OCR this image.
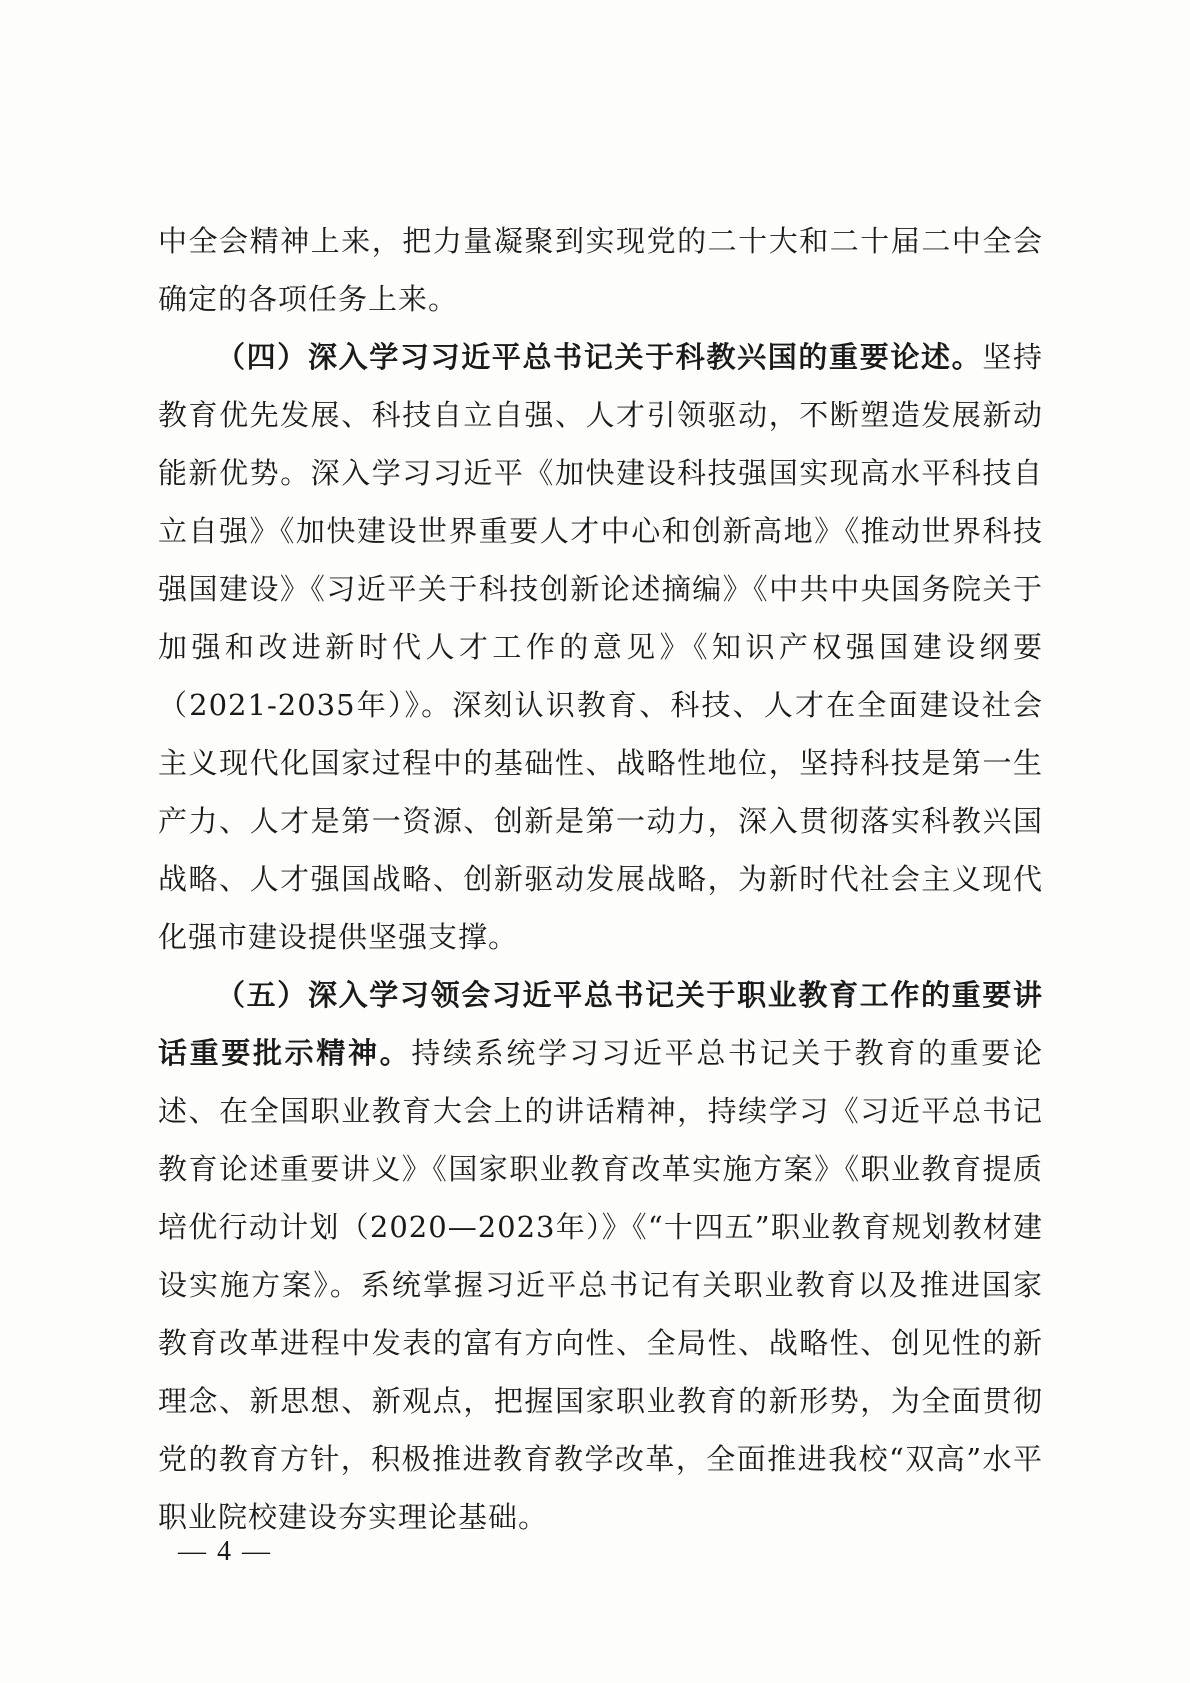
中全会精神上来，把力量凝聚到实现党的二十大和二十届二中全会确定的各项任务上来。

（四）深入学习习近平总书记关于科教兴国的重要论述。坚持教育优先发展、科技自立自强、人才引领驱动，不断塑造发展新动能新优势。深入学习习近平《加快建设科技强国实现高水平科技自立自强》《加快建设世界重要人才中心和创新高地》《推动世界科技强国建设》《习近平关于科技创新论述摘编》《中共中央国务院关于加强和改进新时代人才工作的意见》《知识产权强国建设纲要（2021-2035年）》。深刻认识教育、科技、人才在全面建设社会主义现代化国家过程中的基础性、战略性地位，坚持科技是第一生产力、人才是第一资源、创新是第一动力，深入贯彻落实科教兴国战略、人才强国战略、创新驱动发展战略，为新时代社会主义现代化强市建设提供坚强支撑。

（五）深入学习领会习近平总书记关于职业教育工作的重要讲话重要批示精神。持续系统学习习近平总书记关于教育的重要论述、在全国职业教育大会上的讲话精神，持续学习《习近平总书记教育论述重要讲义》《国家职业教育改革实施方案》《职业教育提质培优行动计划（2020—2023年）》《“十四五”职业教育规划教材建设实施方案》。系统掌握习近平总书记有关职业教育以及推进国家教育改革进程中发表的富有方向性、全局性、战略性、创见性的新理念、新思想、新观点，把握国家职业教育的新形势，为全面贯彻党的教育方针，积极推进教育教学改革，全面推进我校“双高”水平职业院校建设夯实理论基础。

— 4 —
